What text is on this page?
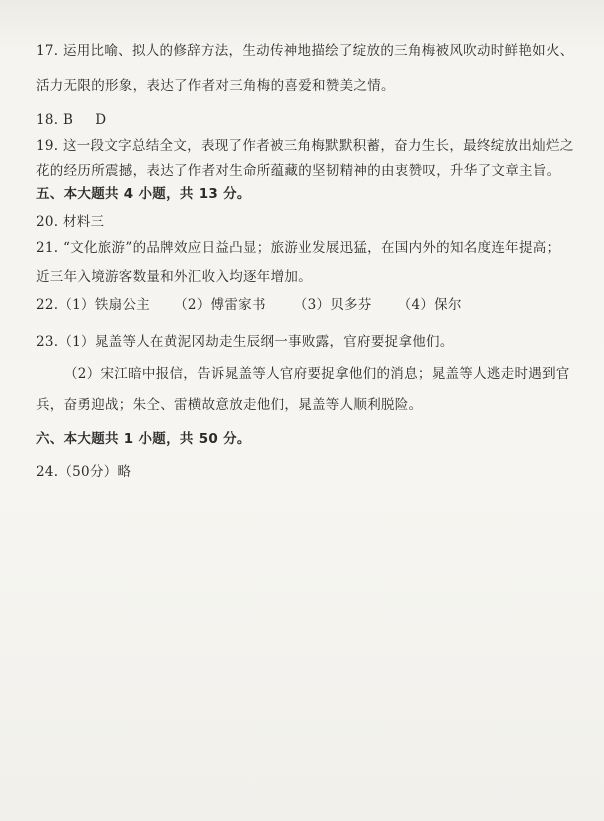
17. 运用比喻、拟人的修辞方法，生动传神地描绘了绽放的三角梅被风吹动时鲜艳如火、
活力无限的形象，表达了作者对三角梅的喜爱和赞美之情。
18. B D
19. 这一段文字总结全文，表现了作者被三角梅默默积蓄，奋力生长，最终绽放出灿烂之
花的经历所震撼，表达了作者对生命所蕴藏的坚韧精神的由衷赞叹，升华了文章主旨。
五、本大题共 4 小题，共 13 分。
20. 材料三
21. “文化旅游”的品牌效应日益凸显；旅游业发展迅猛，在国内外的知名度连年提高；
近三年入境游客数量和外汇收入均逐年增加。
22.（1）铁扇公主 （2）傅雷家书 （3）贝多芬 （4）保尔
23.（1）晁盖等人在黄泥冈劫走生辰纲一事败露，官府要捉拿他们。
（2）宋江暗中报信，告诉晁盖等人官府要捉拿他们的消息；晁盖等人逃走时遇到官
兵，奋勇迎战；朱仝、雷横故意放走他们，晁盖等人顺利脱险。
六、本大题共 1 小题，共 50 分。
24.（50分）略
